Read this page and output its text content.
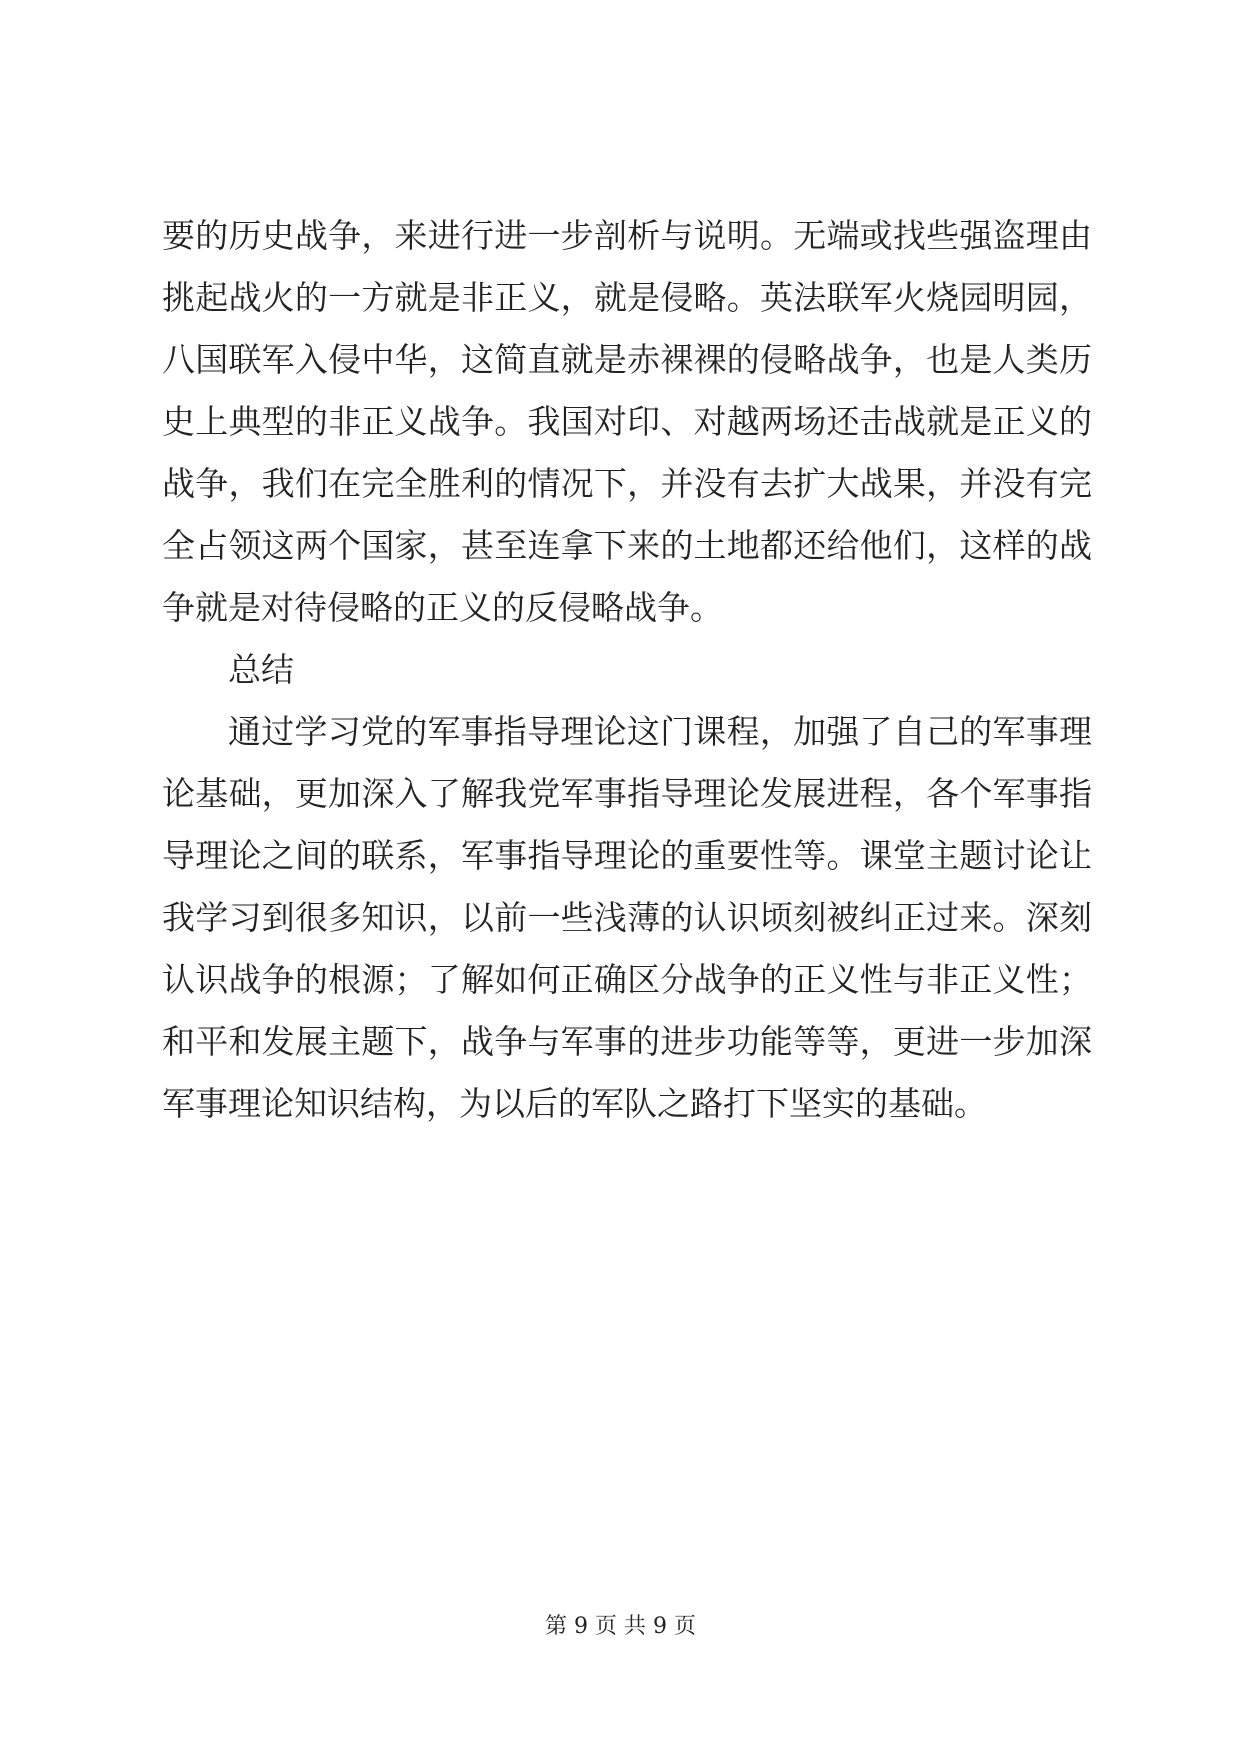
要的历史战争，来进行进一步剖析与说明。无端或找些强盗理由
挑起战火的一方就是非正义，就是侵略。英法联军火烧园明园，
八国联军入侵中华，这简直就是赤裸裸的侵略战争，也是人类历
史上典型的非正义战争。我国对印、对越两场还击战就是正义的
战争，我们在完全胜利的情况下，并没有去扩大战果，并没有完
全占领这两个国家，甚至连拿下来的土地都还给他们，这样的战
争就是对待侵略的正义的反侵略战争。
总结
通过学习党的军事指导理论这门课程，加强了自己的军事理
论基础，更加深入了解我党军事指导理论发展进程，各个军事指
导理论之间的联系，军事指导理论的重要性等。课堂主题讨论让
我学习到很多知识，以前一些浅薄的认识顷刻被纠正过来。深刻
认识战争的根源；了解如何正确区分战争的正义性与非正义性；
和平和发展主题下，战争与军事的进步功能等等，更进一步加深
军事理论知识结构，为以后的军队之路打下坚实的基础。
第 9 页 共 9 页
